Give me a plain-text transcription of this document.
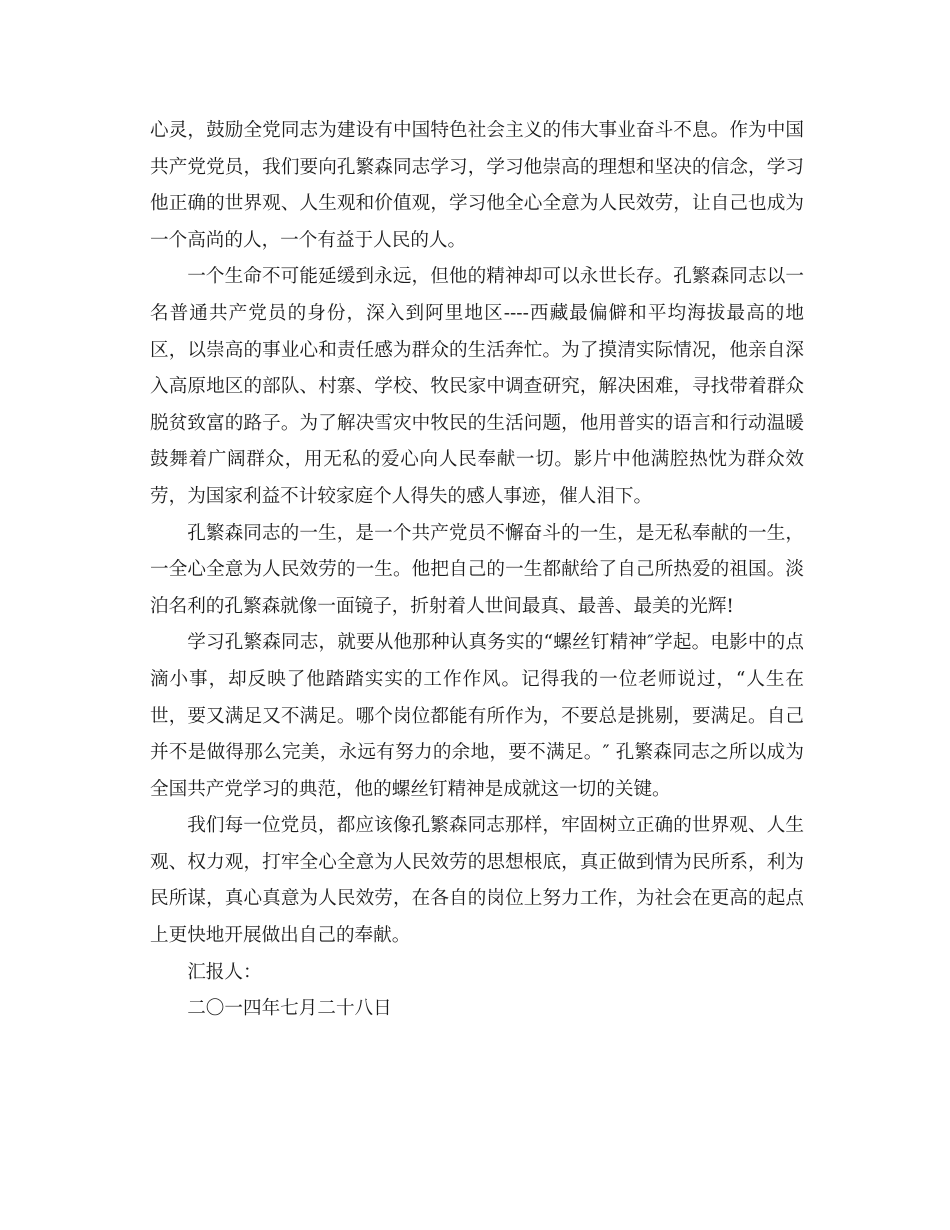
心灵，鼓励全党同志为建设有中国特色社会主义的伟大事业奋斗不息。作为中国共产党党员，我们要向孔繁森同志学习，学习他崇高的理想和坚决的信念，学习他正确的世界观、人生观和价值观，学习他全心全意为人民效劳，让自己也成为一个高尚的人，一个有益于人民的人。

一个生命不可能延缓到永远，但他的精神却可以永世长存。孔繁森同志以一名普通共产党员的身份，深入到阿里地区----西藏最偏僻和平均海拔最高的地区，以崇高的事业心和责任感为群众的生活奔忙。为了摸清实际情况，他亲自深入高原地区的部队、村寨、学校、牧民家中调查研究，解决困难，寻找带着群众脱贫致富的路子。为了解决雪灾中牧民的生活问题，他用普实的语言和行动温暖鼓舞着广阔群众，用无私的爱心向人民奉献一切。影片中他满腔热忱为群众效劳，为国家利益不计较家庭个人得失的感人事迹，催人泪下。

孔繁森同志的一生，是一个共产党员不懈奋斗的一生，是无私奉献的一生，一全心全意为人民效劳的一生。他把自己的一生都献给了自己所热爱的祖国。淡泊名利的孔繁森就像一面镜子，折射着人世间最真、最善、最美的光辉!

学习孔繁森同志，就要从他那种认真务实的“螺丝钉精神″学起。电影中的点滴小事，却反映了他踏踏实实的工作作风。记得我的一位老师说过，“人生在世，要又满足又不满足。哪个岗位都能有所作为，不要总是挑剔，要满足。自己并不是做得那么完美，永远有努力的余地，要不满足。″ 孔繁森同志之所以成为全国共产党学习的典范，他的螺丝钉精神是成就这一切的关键。

我们每一位党员，都应该像孔繁森同志那样，牢固树立正确的世界观、人生观、权力观，打牢全心全意为人民效劳的思想根底，真正做到情为民所系，利为民所谋，真心真意为人民效劳，在各自的岗位上努力工作，为社会在更高的起点上更快地开展做出自己的奉献。

汇报人：

二〇一四年七月二十八日
